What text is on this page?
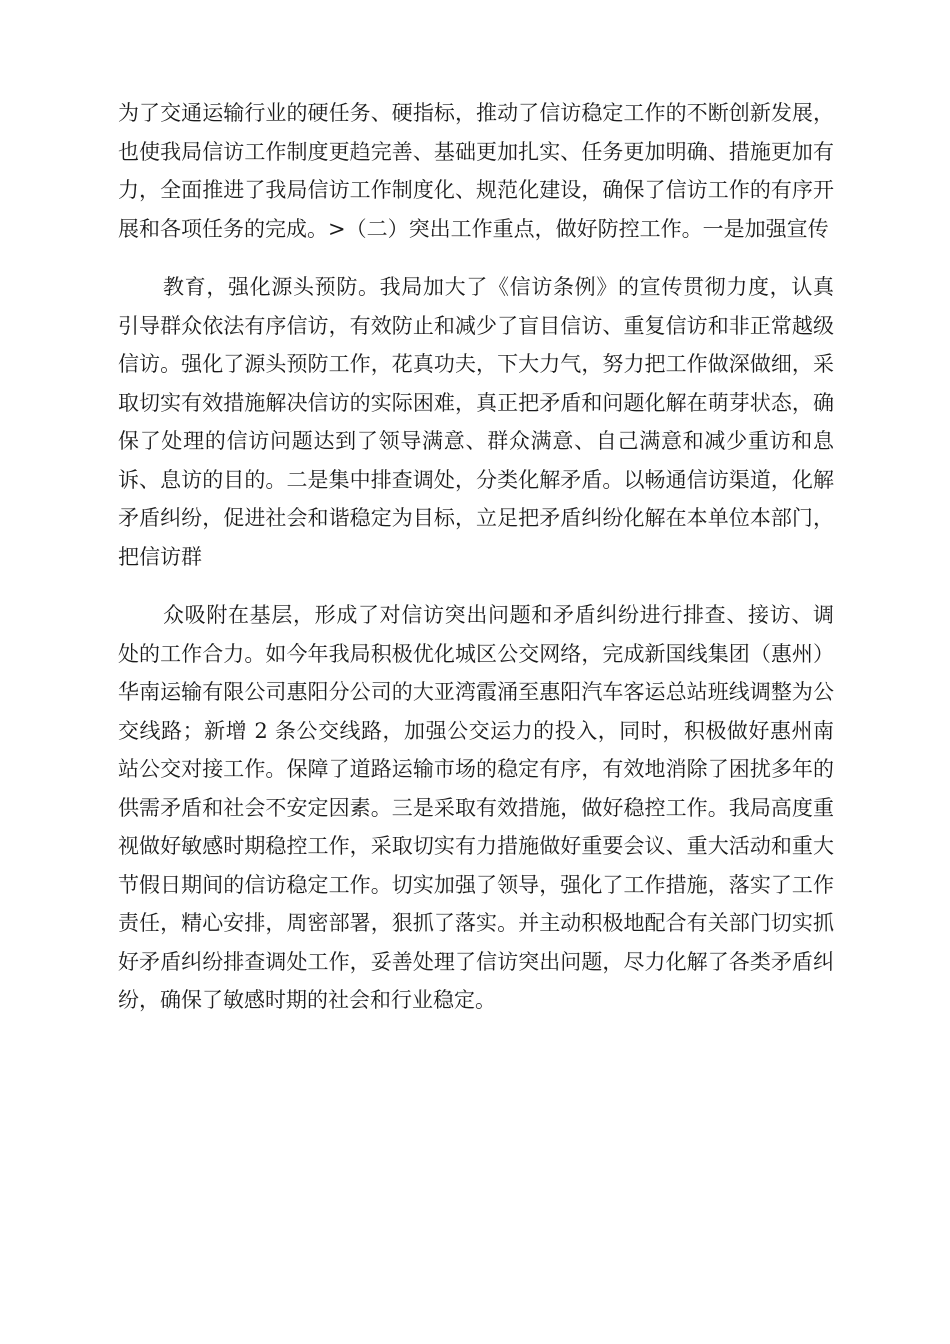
为了交通运输行业的硬任务、硬指标，推动了信访稳定工作的不断创新发展，也使我局信访工作制度更趋完善、基础更加扎实、任务更加明确、措施更加有力，全面推进了我局信访工作制度化、规范化建设，确保了信访工作的有序开展和各项任务的完成。>（二）突出工作重点，做好防控工作。一是加强宣传

教育，强化源头预防。我局加大了《信访条例》的宣传贯彻力度，认真引导群众依法有序信访，有效防止和减少了盲目信访、重复信访和非正常越级信访。强化了源头预防工作，花真功夫，下大力气，努力把工作做深做细，采取切实有效措施解决信访的实际困难，真正把矛盾和问题化解在萌芽状态，确保了处理的信访问题达到了领导满意、群众满意、自己满意和减少重访和息诉、息访的目的。二是集中排查调处，分类化解矛盾。以畅通信访渠道，化解矛盾纠纷，促进社会和谐稳定为目标，立足把矛盾纠纷化解在本单位本部门，把信访群

众吸附在基层，形成了对信访突出问题和矛盾纠纷进行排查、接访、调处的工作合力。如今年我局积极优化城区公交网络，完成新国线集团（惠州）华南运输有限公司惠阳分公司的大亚湾霞涌至惠阳汽车客运总站班线调整为公交线路；新增 2 条公交线路，加强公交运力的投入，同时，积极做好惠州南站公交对接工作。保障了道路运输市场的稳定有序，有效地消除了困扰多年的供需矛盾和社会不安定因素。三是采取有效措施，做好稳控工作。我局高度重视做好敏感时期稳控工作，采取切实有力措施做好重要会议、重大活动和重大节假日期间的信访稳定工作。切实加强了领导，强化了工作措施，落实了工作责任，精心安排，周密部署，狠抓了落实。并主动积极地配合有关部门切实抓好矛盾纠纷排查调处工作，妥善处理了信访突出问题，尽力化解了各类矛盾纠纷，确保了敏感时期的社会和行业稳定。
